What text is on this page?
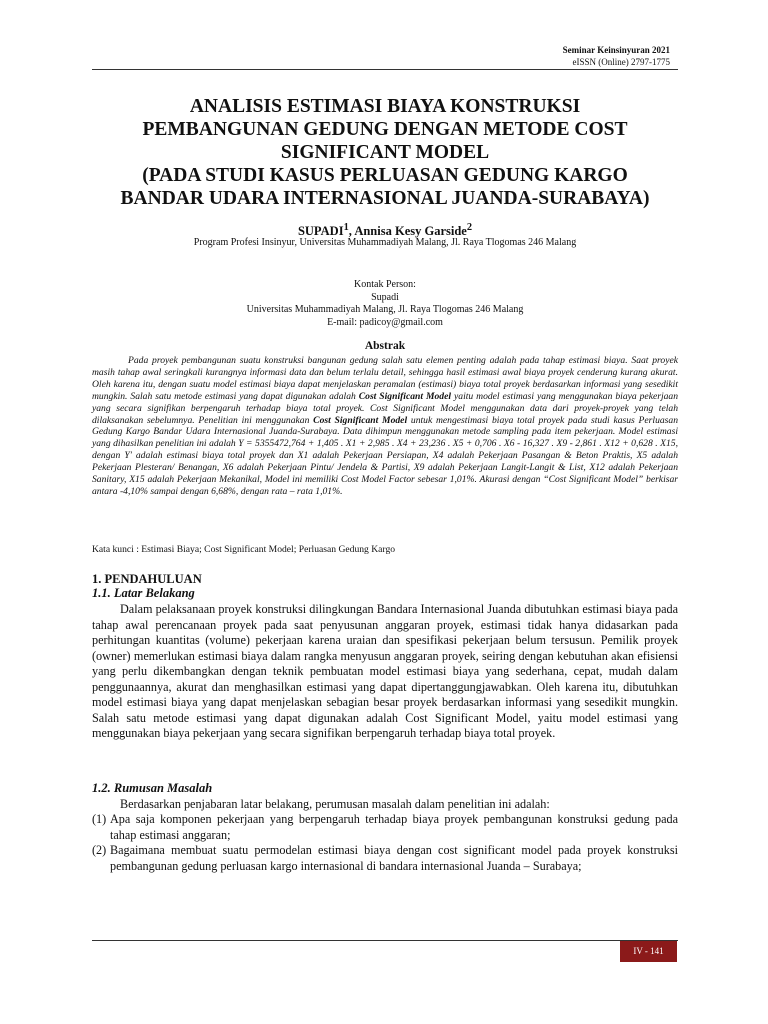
Seminar Keinsinyuran 2021
eISSN (Online) 2797-1775
ANALISIS ESTIMASI BIAYA KONSTRUKSI
PEMBANGUNAN GEDUNG DENGAN METODE COST
SIGNIFICANT MODEL
(PADA STUDI KASUS PERLUASAN GEDUNG KARGO
BANDAR UDARA INTERNASIONAL JUANDA-SURABAYA)
SUPADI$^1$, Annisa Kesy Garside$^2$
Program Profesi Insinyur, Universitas Muhammadiyah Malang, Jl. Raya Tlogomas 246 Malang
Kontak Person:
Supadi
Universitas Muhammadiyah Malang, Jl. Raya Tlogomas 246 Malang
E-mail: padicoy@gmail.com
Abstrak

Pada proyek pembangunan suatu konstruksi bangunan gedung salah satu elemen penting adalah pada tahap estimasi biaya. Saat proyek masih tahap awal seringkali kurangnya informasi data dan belum terlalu detail, sehingga hasil estimasi awal biaya proyek cenderung kurang akurat. Oleh karena itu, dengan suatu model estimasi biaya dapat menjelaskan peramalan (estimasi) biaya total proyek berdasarkan informasi yang sesedikit mungkin. Salah satu metode estimasi yang dapat digunakan adalah Cost Significant Model yaitu model estimasi yang menggunakan biaya pekerjaan yang secara signifikan berpengaruh terhadap biaya total proyek. Cost Significant Model menggunakan data dari proyek-proyek yang telah dilaksanakan sebelumnya. Penelitian ini menggunakan Cost Significant Model untuk mengestimasi biaya total proyek pada studi kasus Perluasan Gedung Kargo Bandar Udara Internasional Juanda-Surabaya. Data dihimpun menggunakan metode sampling pada item pekerjaan. Model estimasi yang dihasilkan penelitian ini adalah Y = 5355472,764 + 1,405 . X1 + 2,985 . X4 + 23,236 . X5 + 0,706 . X6 - 16,327 . X9 - 2,861 . X12 + 0,628 . X15, dengan Y' adalah estimasi biaya total proyek dan X1 adalah Pekerjaan Persiapan, X4 adalah Pekerjaan Pasangan & Beton Praktis, X5 adalah Pekerjaan Plesteran/ Benangan, X6 adalah Pekerjaan Pintu/ Jendela & Partisi, X9 adalah Pekerjaan Langit-Langit & List, X12 adalah Pekerjaan Sanitary, X15 adalah Pekerjaan Mekanikal, Model ini memiliki Cost Model Factor sebesar 1,01%. Akurasi dengan “Cost Significant Model” berkisar antara -4,10% sampai dengan 6,68%, dengan rata – rata 1,01%.

Kata kunci : Estimasi Biaya; Cost Significant Model; Perluasan Gedung Kargo
1. PENDAHULUAN
1.1. Latar Belakang

Dalam pelaksanaan proyek konstruksi dilingkungan Bandara Internasional Juanda dibutuhkan estimasi biaya pada tahap awal perencanaan proyek pada saat penyusunan anggaran proyek, estimasi tidak hanya didasarkan pada perhitungan kuantitas (volume) pekerjaan karena uraian dan spesifikasi pekerjaan belum tersusun. Pemilik proyek (owner) memerlukan estimasi biaya dalam rangka menyusun anggaran proyek, seiring dengan kebutuhan akan efisiensi yang perlu dikembangkan dengan teknik pembuatan model estimasi biaya yang sederhana, cepat, mudah dalam penggunaannya, akurat dan menghasilkan estimasi yang dapat dipertanggungjawabkan. Oleh karena itu, dibutuhkan model estimasi biaya yang dapat menjelaskan sebagian besar proyek berdasarkan informasi yang sesedikit mungkin. Salah satu metode estimasi yang dapat digunakan adalah Cost Significant Model, yaitu model estimasi yang menggunakan biaya pekerjaan yang secara signifikan berpengaruh terhadap biaya total proyek.

1.2. Rumusan Masalah

Berdasarkan penjabaran latar belakang, perumusan masalah dalam penelitian ini adalah:

(1) Apa saja komponen pekerjaan yang berpengaruh terhadap biaya proyek pembangunan konstruksi gedung pada tahap estimasi anggaran;
(2) Bagaimana membuat suatu permodelan estimasi biaya dengan cost significant model pada proyek konstruksi pembangunan gedung perluasan kargo internasional di bandara internasional Juanda – Surabaya;
IV - 141
